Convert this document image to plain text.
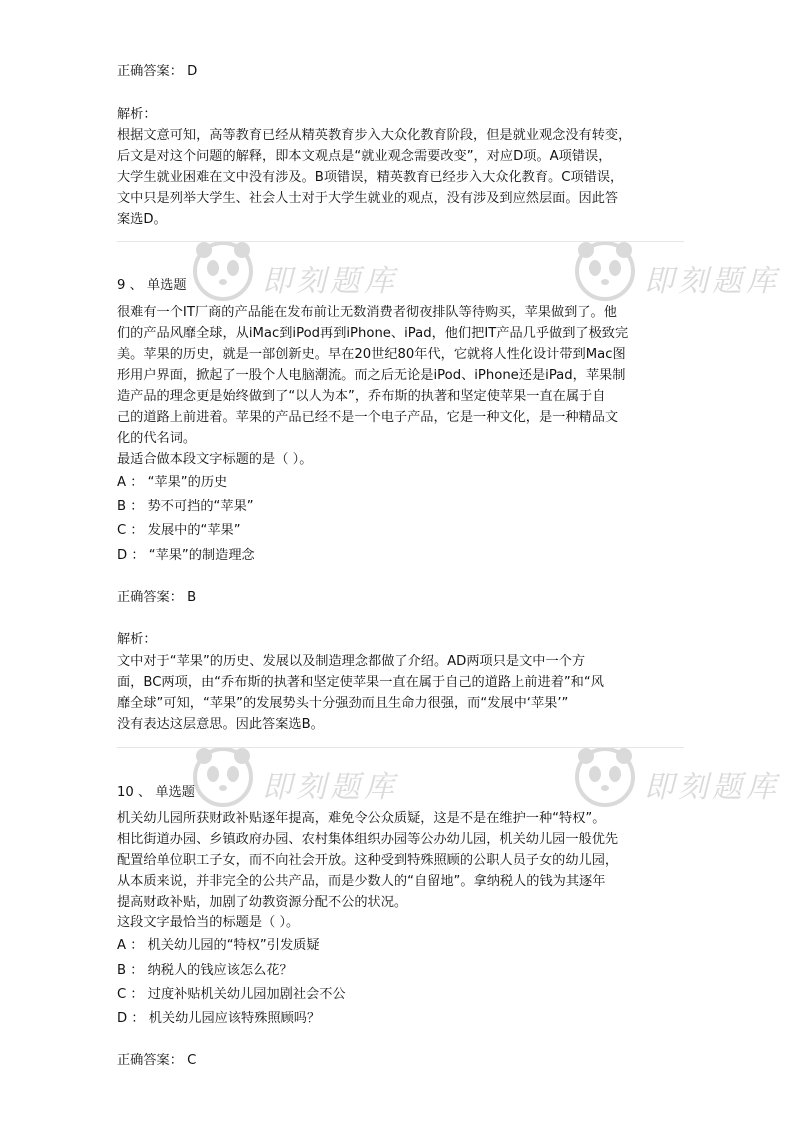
即刻题库	即刻题库
即刻题库	即刻题库
正确答案： D
解析：
根据文意可知，高等教育已经从精英教育步入大众化教育阶段，但是就业观念没有转变，
后文是对这个问题的解释，即本文观点是“就业观念需要改变”，对应D项。A项错误，
大学生就业困难在文中没有涉及。B项错误，精英教育已经步入大众化教育。C项错误，
文中只是列举大学生、社会人士对于大学生就业的观点，没有涉及到应然层面。因此答
案选D。
9 、 单选题
很难有一个IT厂商的产品能在发布前让无数消费者彻夜排队等待购买，苹果做到了。他
们的产品风靡全球，从iMac到iPod再到iPhone、iPad，他们把IT产品几乎做到了极致完
美。苹果的历史，就是一部创新史。早在20世纪80年代，它就将人性化设计带到Mac图
形用户界面，掀起了一股个人电脑潮流。而之后无论是iPod、iPhone还是iPad，苹果制
造产品的理念更是始终做到了“以人为本”，乔布斯的执著和坚定使苹果一直在属于自
己的道路上前进着。苹果的产品已经不是一个电子产品，它是一种文化，是一种精品文
化的代名词。
最适合做本段文字标题的是（ ）。
A ： “苹果”的历史
B ： 势不可挡的“苹果”
C ： 发展中的“苹果”
D ： “苹果”的制造理念
正确答案： B
解析：
文中对于“苹果”的历史、发展以及制造理念都做了介绍。AD两项只是文中一个方
面，BC两项，由“乔布斯的执著和坚定使苹果一直在属于自己的道路上前进着”和“风
靡全球”可知，“苹果”的发展势头十分强劲而且生命力很强，而“发展中‘苹果’”
没有表达这层意思。因此答案选B。
10 、 单选题
机关幼儿园所获财政补贴逐年提高，难免令公众质疑，这是不是在维护一种“特权”。
相比街道办园、乡镇政府办园、农村集体组织办园等公办幼儿园，机关幼儿园一般优先
配置给单位职工子女，而不向社会开放。这种受到特殊照顾的公职人员子女的幼儿园，
从本质来说，并非完全的公共产品，而是少数人的“自留地”。拿纳税人的钱为其逐年
提高财政补贴，加剧了幼教资源分配不公的状况。
这段文字最恰当的标题是（ ）。
A ： 机关幼儿园的“特权”引发质疑
B ： 纳税人的钱应该怎么花？
C ： 过度补贴机关幼儿园加剧社会不公
D ： 机关幼儿园应该特殊照顾吗？
正确答案： C
